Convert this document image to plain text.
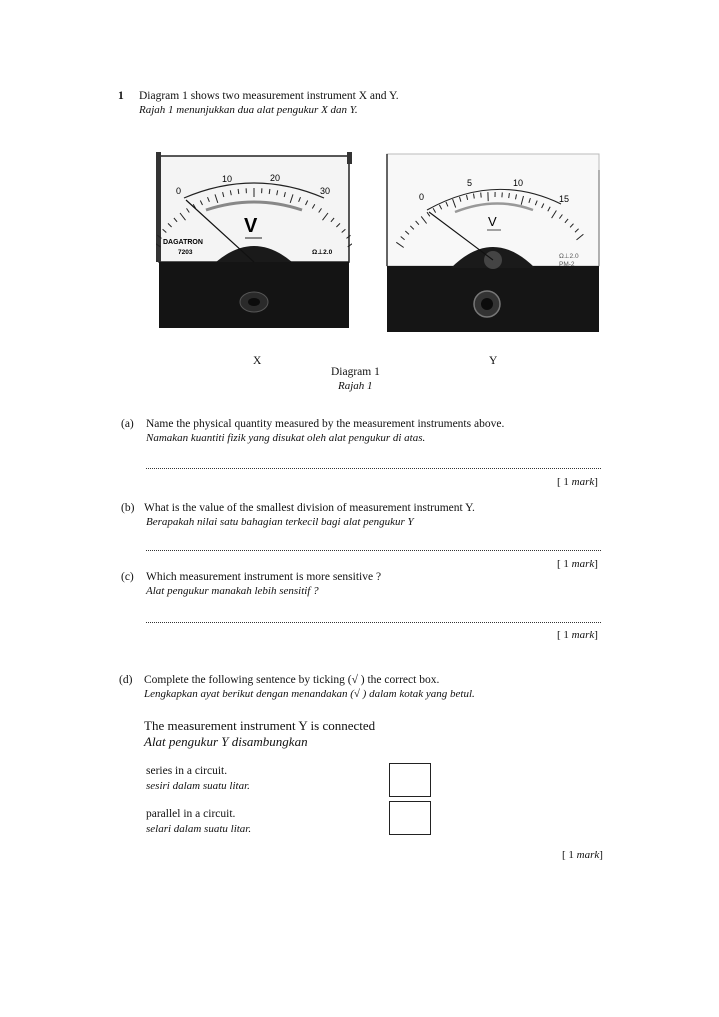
1 Diagram 1 shows two measurement instrument X and Y.
Rajah 1 menunjukkan dua alat pengukur X dan Y.
0
10	20
30
V
DAGATRON
7203	Ω⊥2.0
0
5	10
15
V
Ω⊥2.0
PM-2
X	Y
Diagram 1
Rajah 1
(a) Name the physical quantity measured by the measurement instruments above.
Namakan kuantiti fizik yang disukat oleh alat pengukur di atas.
[ 1 mark]
(b) What is the value of the smallest division of measurement instrument Y.
Berapakah nilai satu bahagian terkecil bagi alat pengukur Y
[ 1 mark]
(c) Which measurement instrument is more sensitive ?
Alat pengukur manakah lebih sensitif ?
[ 1 mark]
(d) Complete the following sentence by ticking (√ ) the correct box.
Lengkapkan ayat berikut dengan menandakan (√ ) dalam kotak yang betul.
The measurement instrument Y is connected
Alat pengukur Y disambungkan
series in a circuit.
sesiri dalam suatu litar.
parallel in a circuit.
selari dalam suatu litar.
[ 1 mark]
